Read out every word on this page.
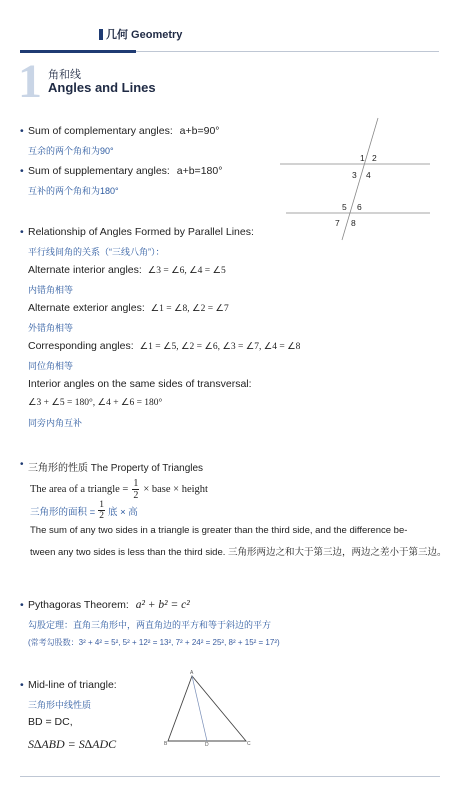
几何 Geometry
1 角和线
Angles and Lines
• Sum of complementary angles: a+b=90°
互余的两个角和为90°
• Sum of supplementary angles: a+b=180°
互补的两个角和为180°
1 2
3 4
5 6
7 8
• Relationship of Angles Formed by Parallel Lines:
平行线间角的关系（“三线八角”）：
Alternate interior angles: ∠3 = ∠6, ∠4 = ∠5
内错角相等
Alternate exterior angles: ∠1 = ∠8, ∠2 = ∠7
外错角相等
Corresponding angles: ∠1 = ∠5, ∠2 = ∠6, ∠3 = ∠7, ∠4 = ∠8
同位角相等
Interior angles on the same sides of transversal:
∠3 + ∠5 = 180°, ∠4 + ∠6 = 180°
同旁内角互补
• 三角形的性质 The Property of Triangles
The area of a triangle = $\frac{1}{2}$ × base × height
三角形的面积 = $\frac{1}{2}$ 底 × 高
The sum of any two sides in a triangle is greater than the third side, and the difference be-
tween any two sides is less than the third side. 三角形两边之和大于第三边，两边之差小于第三边。
• Pythagoras Theorem: a² + b² = c²
勾股定理：直角三角形中，两直角边的平方和等于斜边的平方
(常考勾股数：3² + 4² = 5², 5² + 12² = 13², 7² + 24² = 25², 8² + 15² = 17²)
• Mid-line of triangle:
三角形中线性质
BD = DC,
S∆ABD = S∆ADC
A
B	D	C
